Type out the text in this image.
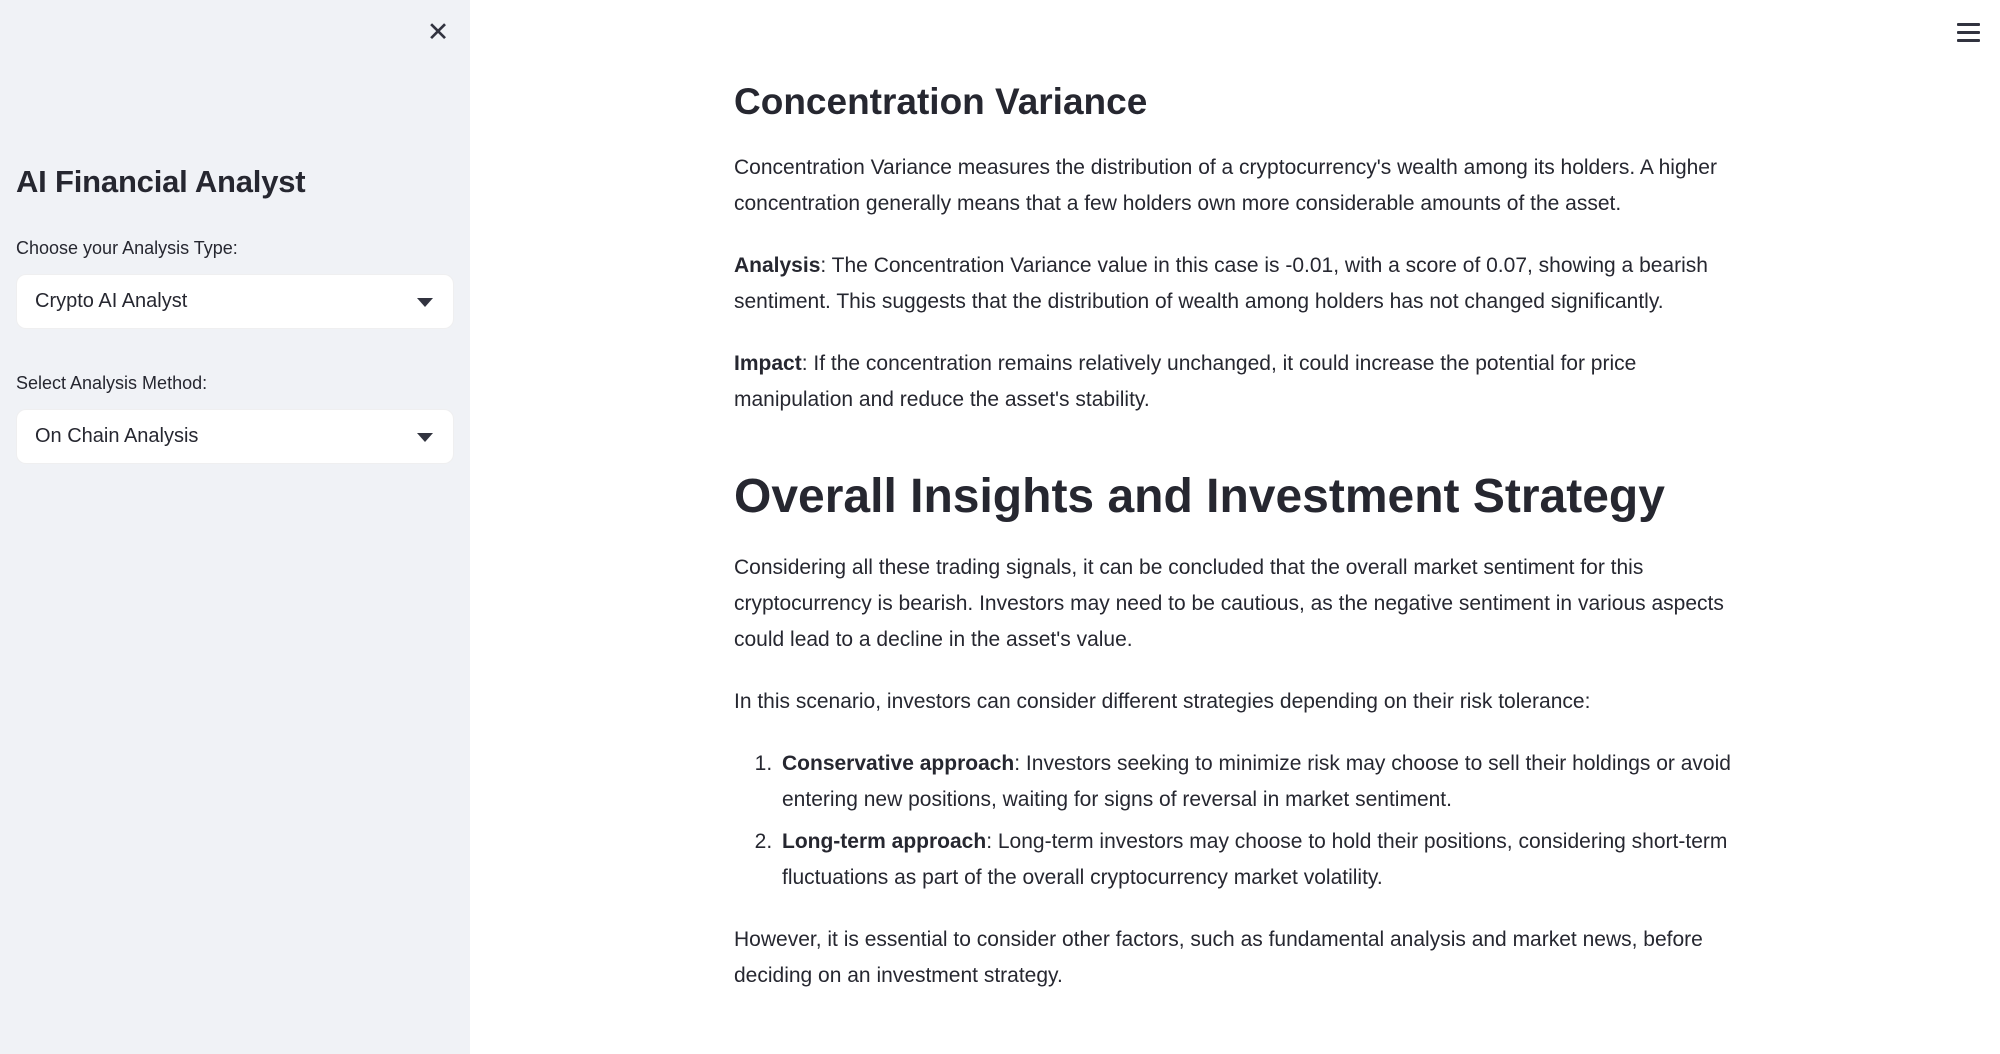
✕
AI Financial Analyst
Choose your Analysis Type:
Crypto AI Analyst
Select Analysis Method:
On Chain Analysis
Concentration Variance

Concentration Variance measures the distribution of a cryptocurrency's wealth among its holders. A higher concentration generally means that a few holders own more considerable amounts of the asset.

Analysis: The Concentration Variance value in this case is -0.01, with a score of 0.07, showing a bearish sentiment. This suggests that the distribution of wealth among holders has not changed significantly.

Impact: If the concentration remains relatively unchanged, it could increase the potential for price manipulation and reduce the asset's stability.

Overall Insights and Investment Strategy

Considering all these trading signals, it can be concluded that the overall market sentiment for this cryptocurrency is bearish. Investors may need to be cautious, as the negative sentiment in various aspects could lead to a decline in the asset's value.

In this scenario, investors can consider different strategies depending on their risk tolerance:

1. Conservative approach: Investors seeking to minimize risk may choose to sell their holdings or avoid entering new positions, waiting for signs of reversal in market sentiment.
2. Long-term approach: Long-term investors may choose to hold their positions, considering short-term fluctuations as part of the overall cryptocurrency market volatility.

However, it is essential to consider other factors, such as fundamental analysis and market news, before deciding on an investment strategy.
